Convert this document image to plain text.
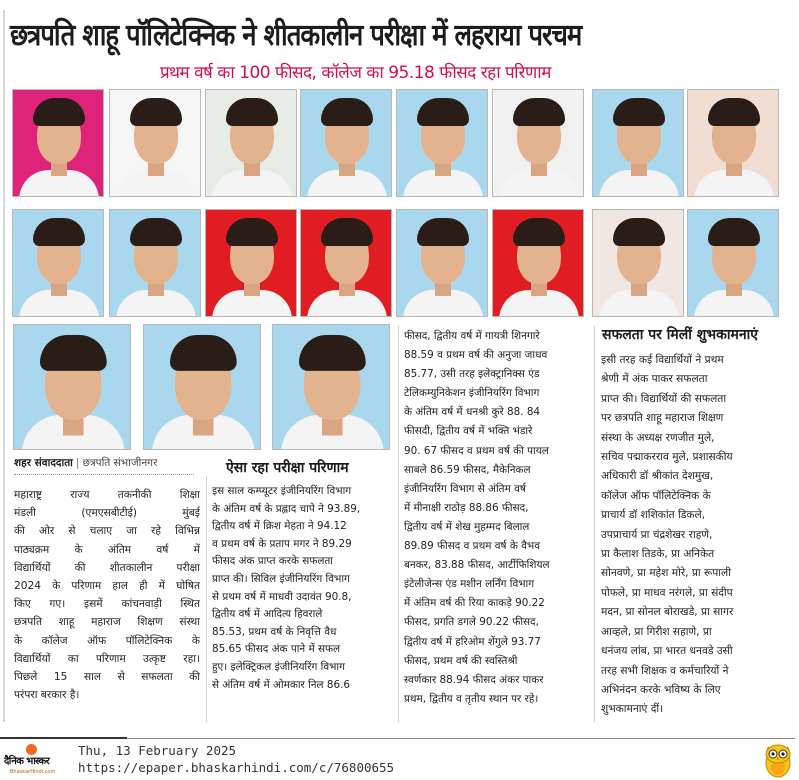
छत्रपति शाहू पॉलिटेक्निक ने शीतकालीन परीक्षा में लहराया परचम
प्रथम वर्ष का 100 फीसद, कॉलेज का 95.18 फीसद रहा परिणाम
शहर संवाददाता | छत्रपति संभाजीनगर
महाराष्ट्र राज्य तकनीकी शिक्षा
मंडली (एमएसबीटीई) मुंबई
की ओर से चलाए जा रहे विभिन्न
पाठ्यक्रम के अंतिम वर्ष में
विद्यार्थियों की शीतकालीन परीक्षा
2024 के परिणाम हाल ही में घोषित
किए गए। इसमें कांचनवाड़ी स्थित
छत्रपति शाहू महाराज शिक्षण संस्था
के कॉलेज ऑफ पॉलिटेक्निक के
विद्यार्थियों का परिणाम उत्कृष्ट रहा।
पिछले 15 साल से सफलता की
परंपरा बरकार है।
ऐसा रहा परीक्षा परिणाम
इस साल कम्प्यूटर इंजीनियरिंग विभाग
के अंतिम वर्ष के प्रह्लाद चापे ने 93.89,
द्वितीय वर्ष में क्रिश मेहता ने 94.12
व प्रथम वर्ष के प्रताप मगर ने 89.29
फीसद अंक प्राप्त करके सफलता
प्राप्त की। सिविल इंजीनियरिंग विभाग
से प्रथम वर्ष में माधवी उदावंत 90.8,
द्वितीय वर्ष में आदित्य हिवराले
85.53, प्रथम वर्ष के निवृत्ति वैध
85.65 फीसद अंक पाने में सफल
हुए। इलेक्ट्रिकल इंजीनियरिंग विभाग
से अंतिम वर्ष में ओमकार निल 86.6
फीसद, द्वितीय वर्ष में गायत्री शिनगारे
88.59 व प्रथम वर्ष की अनुजा जाधव
85.77, उसी तरह इलेक्ट्रानिक्स एंड
टेलिकम्युनिकेशन इंजीनियरिंग विभाग
के अंतिम वर्ष में धनश्री कुरे 88. 84
फीसदी, द्वितीय वर्ष में भक्ति भंडारे
90. 67 फीसद व प्रथम वर्ष की पायल
साबले 86.59 फीसद, मैकेनिकल
इंजीनियरिंग विभाग से अंतिम वर्ष
में मीनाक्षी राठोड़ 88.86 फीसद,
द्वितीय वर्ष में शेख मुहम्मद बिलाल
89.89 फीसद व प्रथम वर्ष के वैभव
बनकर, 83.88 फीसद, आर्टीफिशियल
इंटेलीजेन्स एंड मशीन लर्निंग विभाग
में अंतिम वर्ष की रिया काकड़े 90.22
फीसद, प्रगति डगले 90.22 फीसद,
द्वितीय वर्ष में हरिओम शेंगुले 93.77
फीसद, प्रथम वर्ष की स्वस्तिश्री
स्वर्णकार 88.94 फीसद अंकर पाकर
प्रथम, द्वितीय व तृतीय स्थान पर रहे।
सफलता पर मिलीं शुभकामनाएं
इसी तरह कई विद्यार्थियों ने प्रथम
श्रेणी में अंक पाकर सफलता
प्राप्त की। विद्यार्थियों की सफलता
पर छत्रपति शाहू महाराज शिक्षण
संस्था के अध्यक्ष रणजीत मुले,
सचिव पद्माकरराव मुले, प्रशासकीय
अधिकारी डॉ श्रीकांत देशमुख,
कॉलेज ऑफ पॉलिटेक्निक के
प्राचार्य डॉ शशिकांत डिकले,
उपप्राचार्य प्रा चंद्रशेखर राहणे,
प्रा कैलाश तिडके, प्रा अनिकेत
सोनवणे, प्रा महेश मोरे, प्रा रूपाली
पोफले, प्रा माधव नरंगले, प्रा संदीप
मदन, प्रा सोनल बोराखडे, प्रा सागर
आव्हले, प्रा गिरीश सहाणे, प्रा
धनंजय लांब, प्रा भारत धनवडे उसी
तरह सभी शिक्षक व कर्मचारियों ने
अभिनंदन करके भविष्य के लिए
शुभकामनाएं दीं।
दैनिक भास्कर
BhaskarHindi.com
Thu, 13 February 2025
https://epaper.bhaskarhindi.com/c/76800655
